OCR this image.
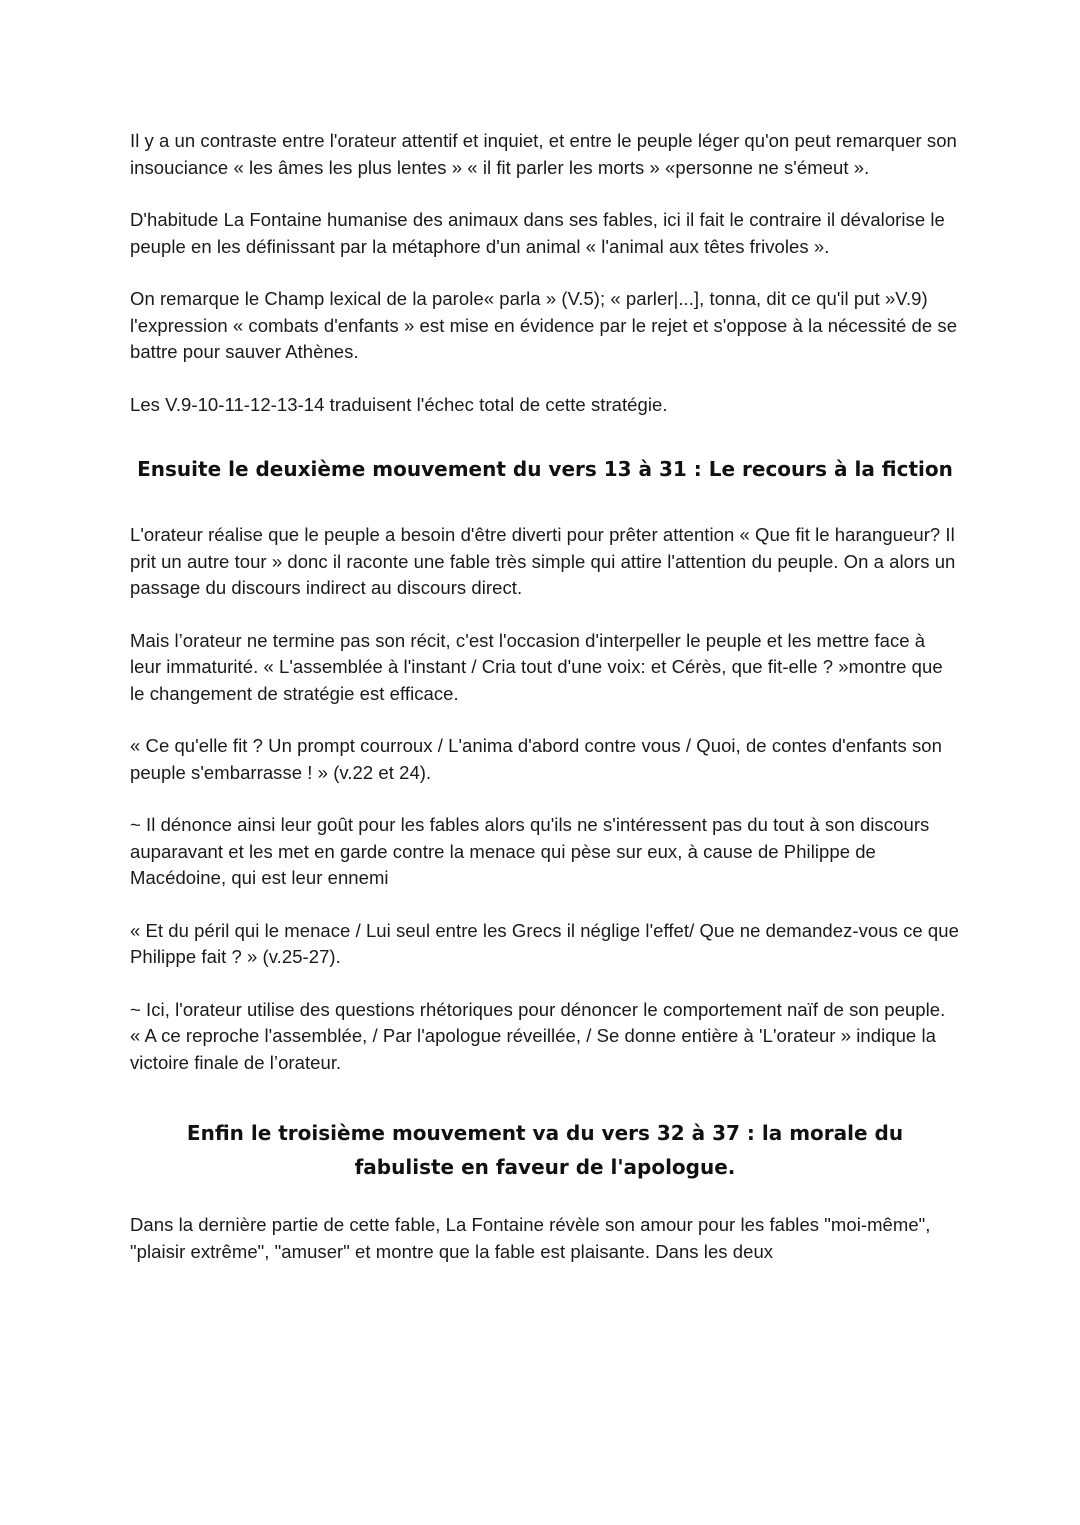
Il y a un contraste entre l'orateur attentif et inquiet, et entre le peuple léger qu'on peut remarquer son insouciance « les âmes les plus lentes » « il fit parler les morts » «personne ne s'émeut ».

D'habitude La Fontaine humanise des animaux dans ses fables, ici il fait le contraire il dévalorise le peuple en les définissant par la métaphore d'un animal « l'animal aux têtes frivoles ».

On remarque le Champ lexical de la parole« parla » (V.5); « parler|...], tonna, dit ce qu'il put »V.9) l'expression « combats d'enfants » est mise en évidence par le rejet et s'oppose à la nécessité de se battre pour sauver Athènes.

Les V.9-10-11-12-13-14 traduisent l'échec total de cette stratégie.

Ensuite le deuxième mouvement du vers 13 à 31 : Le recours à la fiction

L'orateur réalise que le peuple a besoin d'être diverti pour prêter attention « Que fit le harangueur? Il prit un autre tour » donc il raconte une fable très simple qui attire l'attention du peuple. On a alors un passage du discours indirect au discours direct.

Mais l’orateur ne termine pas son récit, c'est l'occasion d'interpeller le peuple et les mettre face à leur immaturité. « L'assemblée à l'instant / Cria tout d'une voix: et Cérès, que fit-elle ? »montre que le changement de stratégie est efficace.

« Ce qu'elle fit ? Un prompt courroux / L'anima d'abord contre vous / Quoi, de contes d'enfants son peuple s'embarrasse ! » (v.22 et 24).

~ Il dénonce ainsi leur goût pour les fables alors qu'ils ne s'intéressent pas du tout à son discours auparavant et les met en garde contre la menace qui pèse sur eux, à cause de Philippe de Macédoine, qui est leur ennemi

« Et du péril qui le menace / Lui seul entre les Grecs il néglige l'effet/ Que ne demandez-vous ce que Philippe fait ? » (v.25-27).

~ Ici, l'orateur utilise des questions rhétoriques pour dénoncer le comportement naïf de son peuple. « A ce reproche l'assemblée, / Par l'apologue réveillée, / Se donne entière à 'L'orateur » indique la victoire finale de l’orateur.

Enfin le troisième mouvement va du vers 32 à 37 : la morale du fabuliste en faveur de l'apologue.

Dans la dernière partie de cette fable, La Fontaine révèle son amour pour les fables "moi-même", "plaisir extrême", "amuser" et montre que la fable est plaisante. Dans les deux
